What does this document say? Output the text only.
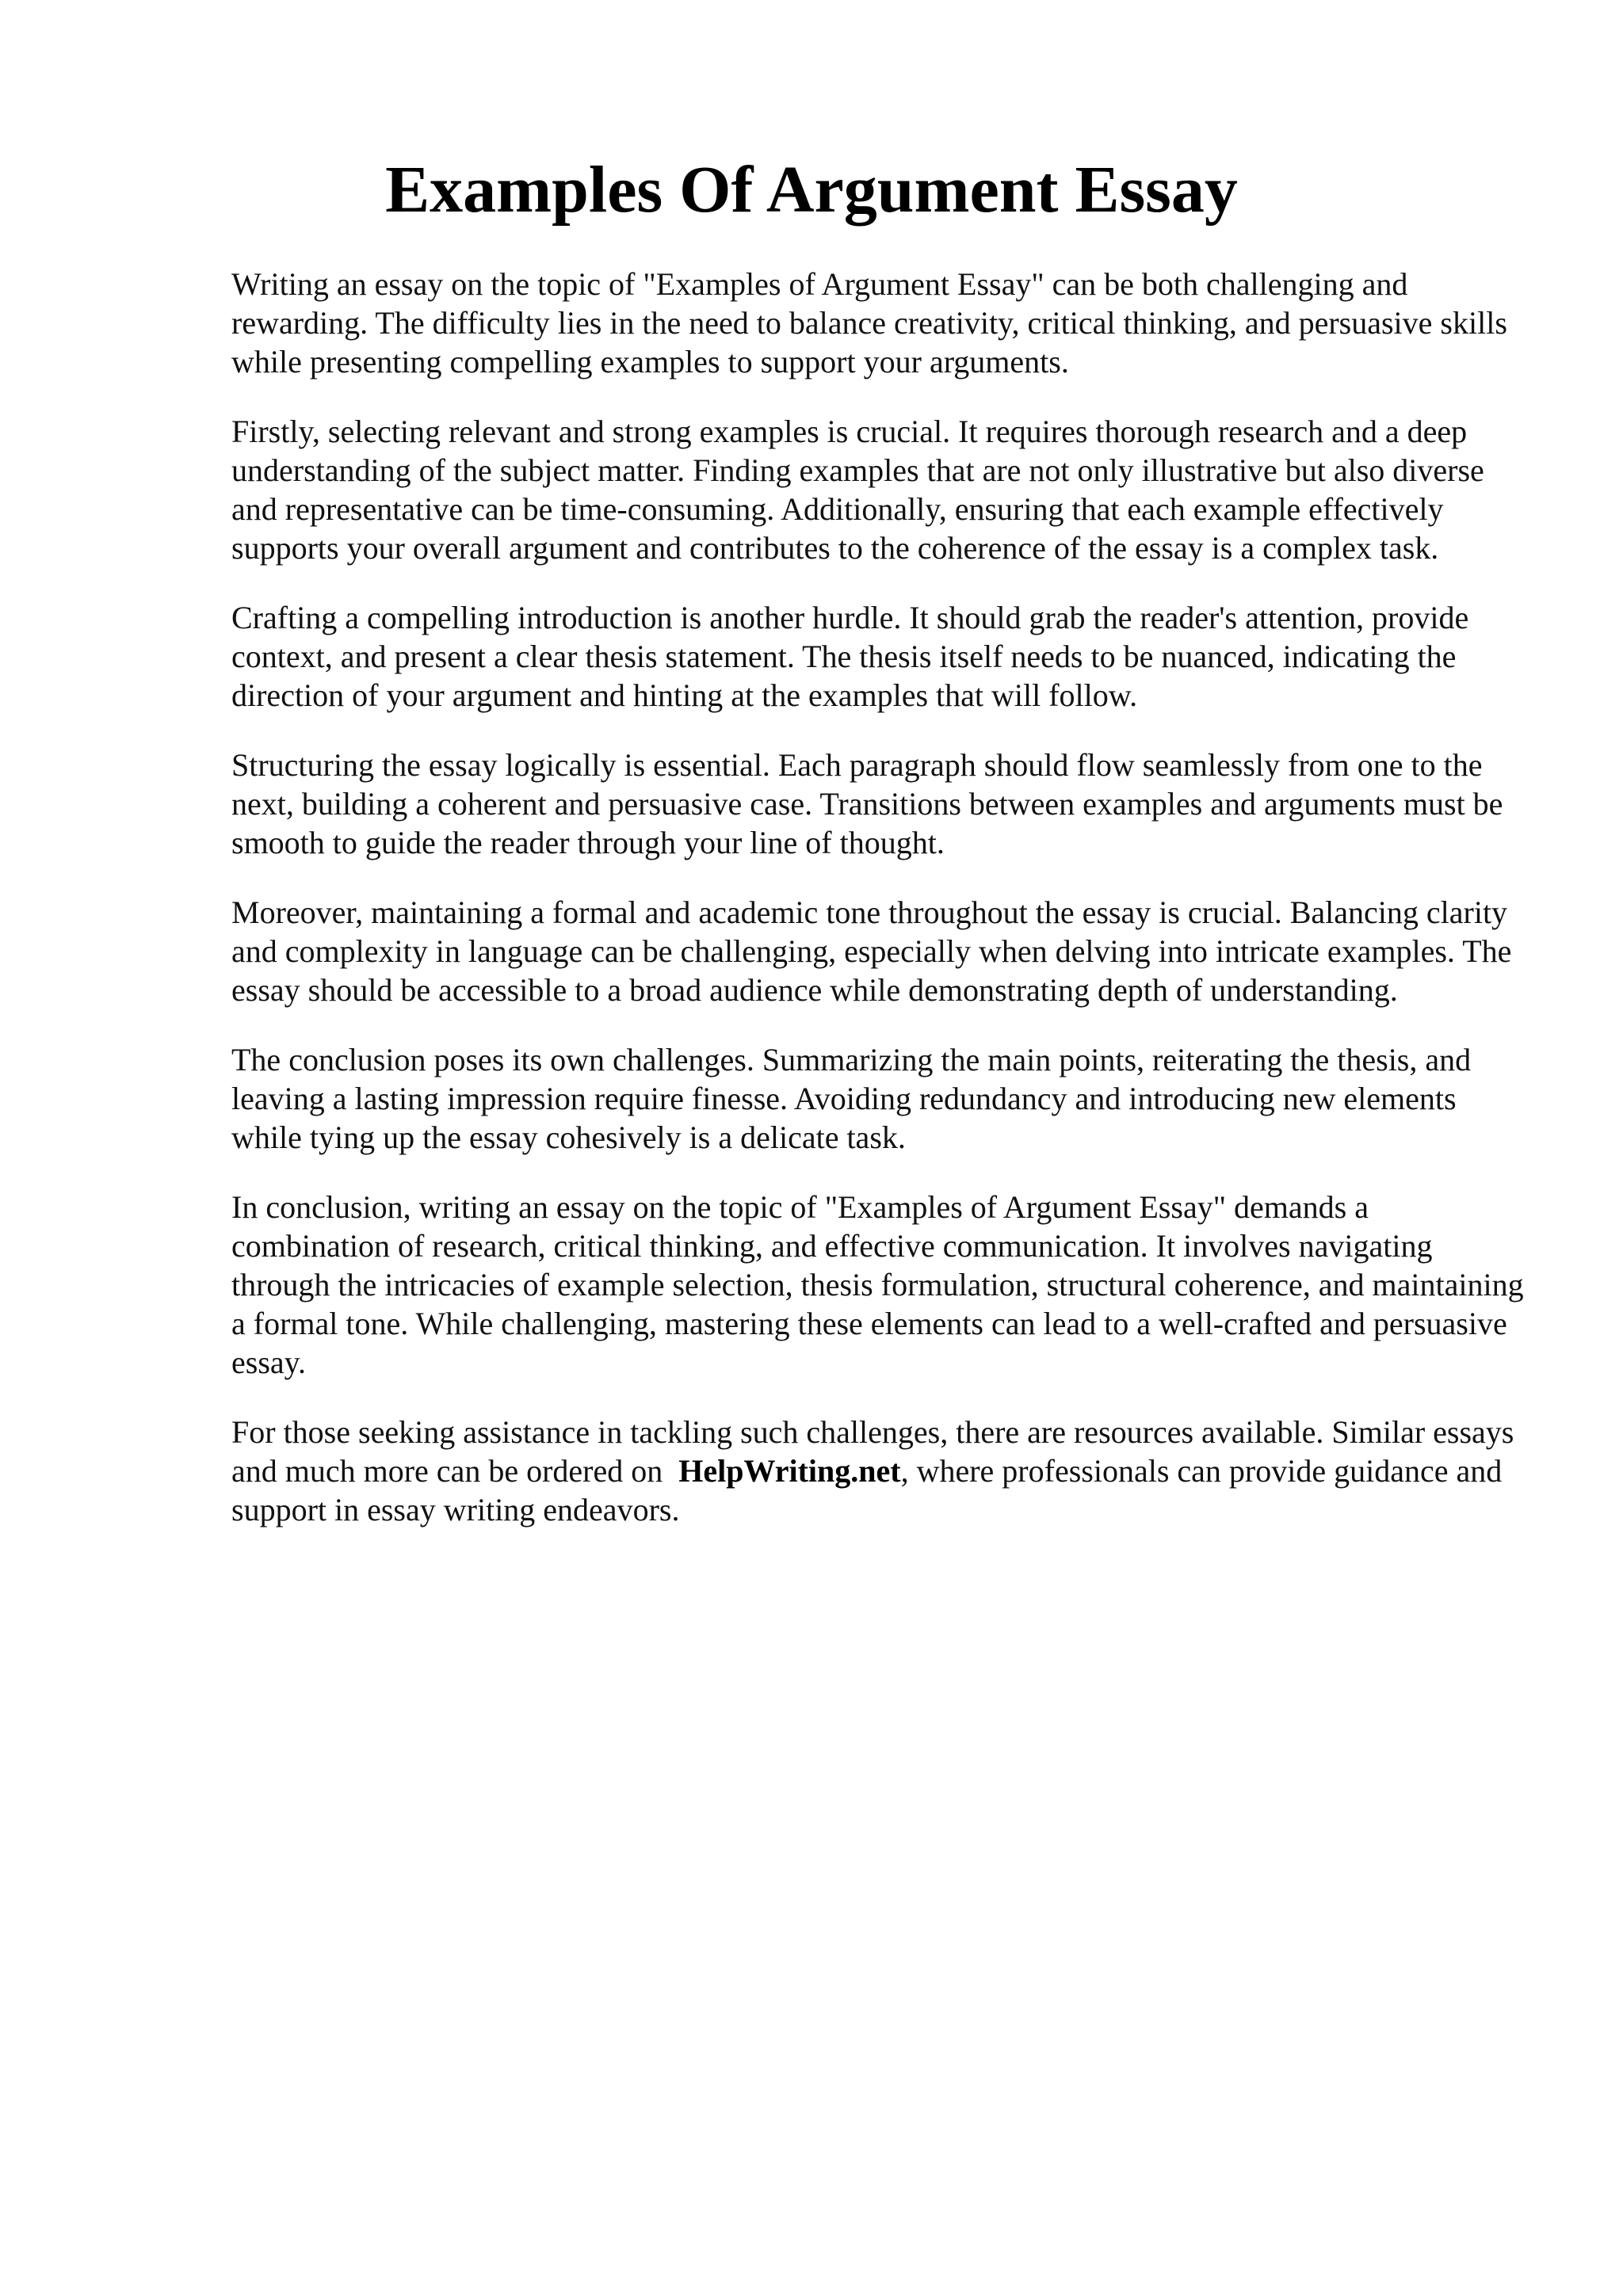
Examples Of Argument Essay

Writing an essay on the topic of "Examples of Argument Essay" can be both challenging and rewarding. The difficulty lies in the need to balance creativity, critical thinking, and persuasive skills while presenting compelling examples to support your arguments.

Firstly, selecting relevant and strong examples is crucial. It requires thorough research and a deep understanding of the subject matter. Finding examples that are not only illustrative but also diverse and representative can be time-consuming. Additionally, ensuring that each example effectively supports your overall argument and contributes to the coherence of the essay is a complex task.

Crafting a compelling introduction is another hurdle. It should grab the reader's attention, provide context, and present a clear thesis statement. The thesis itself needs to be nuanced, indicating the direction of your argument and hinting at the examples that will follow.

Structuring the essay logically is essential. Each paragraph should flow seamlessly from one to the next, building a coherent and persuasive case. Transitions between examples and arguments must be smooth to guide the reader through your line of thought.

Moreover, maintaining a formal and academic tone throughout the essay is crucial. Balancing clarity and complexity in language can be challenging, especially when delving into intricate examples. The essay should be accessible to a broad audience while demonstrating depth of understanding.

The conclusion poses its own challenges. Summarizing the main points, reiterating the thesis, and leaving a lasting impression require finesse. Avoiding redundancy and introducing new elements while tying up the essay cohesively is a delicate task.

In conclusion, writing an essay on the topic of "Examples of Argument Essay" demands a combination of research, critical thinking, and effective communication. It involves navigating through the intricacies of example selection, thesis formulation, structural coherence, and maintaining a formal tone. While challenging, mastering these elements can lead to a well-crafted and persuasive essay.

For those seeking assistance in tackling such challenges, there are resources available. Similar essays and much more can be ordered on HelpWriting.net, where professionals can provide guidance and support in essay writing endeavors.
